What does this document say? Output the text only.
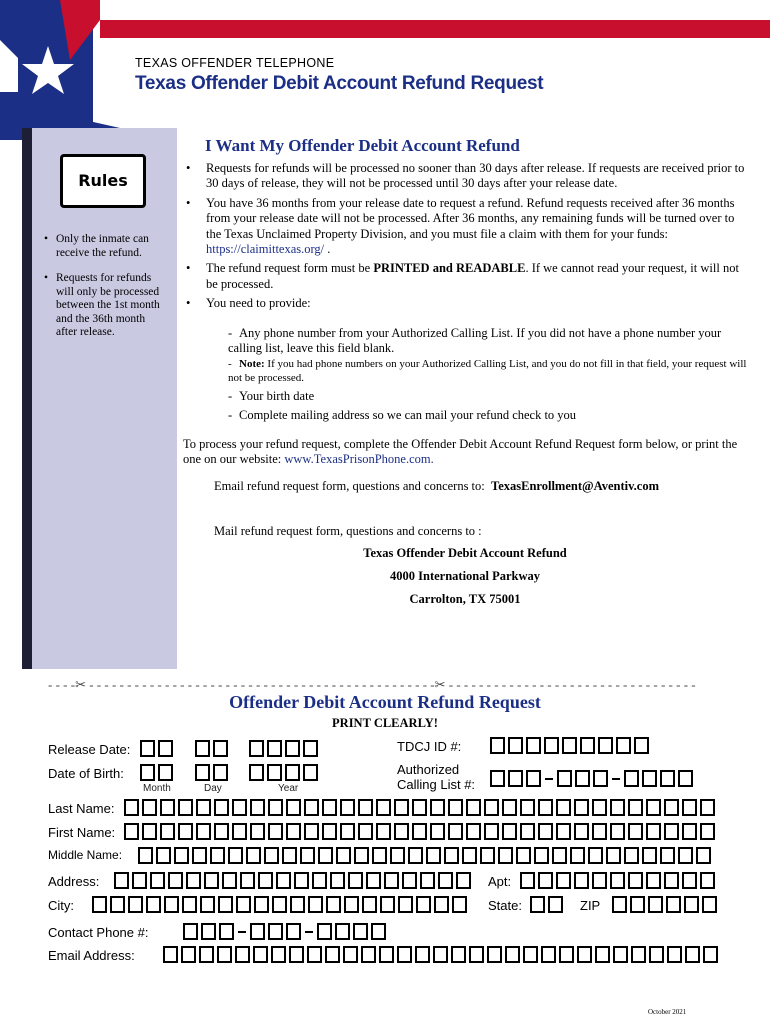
TEXAS OFFENDER TELEPHONE
Texas Offender Debit Account Refund Request
Rules
• Only the inmate can receive the refund.
• Requests for refunds will only be processed between the 1st month and the 36th month after release.
I Want My Offender Debit Account Refund
• Requests for refunds will be processed no sooner than 30 days after release. If requests are received prior to 30 days of release, they will not be processed until 30 days after your release date.
• You have 36 months from your release date to request a refund. Refund requests received after 36 months from your release date will not be processed. After 36 months, any remaining funds will be turned over to the Texas Unclaimed Property Division, and you must file a claim with them for your funds: https://claimittexas.org/ .
• The refund request form must be PRINTED and READABLE. If we cannot read your request, it will not be processed.
• You need to provide:
- Any phone number from your Authorized Calling List. If you did not have a phone number your calling list, leave this field blank.
- Note: If you had phone numbers on your Authorized Calling List, and you do not fill in that field, your request will not be processed.
- Your birth date
- Complete mailing address so we can mail your refund check to you
To process your refund request, complete the Offender Debit Account Refund Request form below, or print the one on our website: www.TexasPrisonPhone.com.
Email refund request form, questions and concerns to: TexasEnrollment@Aventiv.com
Mail refund request form, questions and concerns to :
Texas Offender Debit Account Refund
4000 International Parkway
Carrolton, TX 75001
- - - -✂ - - - - - - - - - - - - - - - - - - - - - - - - - - - - - - - - - - - - - - - - - - - - - -✂ - - - - - - - - - - - - - - - - - - - - - - - - - - - - - - - - -
Offender Debit Account Refund Request
PRINT CLEARLY!
Release Date:
Date of Birth:
Month	Day	Year
TDCJ ID #:
Authorized
Calling List #:
Last Name:
First Name:
Middle Name:
Address:	Apt:
City:	State:	ZIP
Contact Phone #:
Email Address:
October 2021
